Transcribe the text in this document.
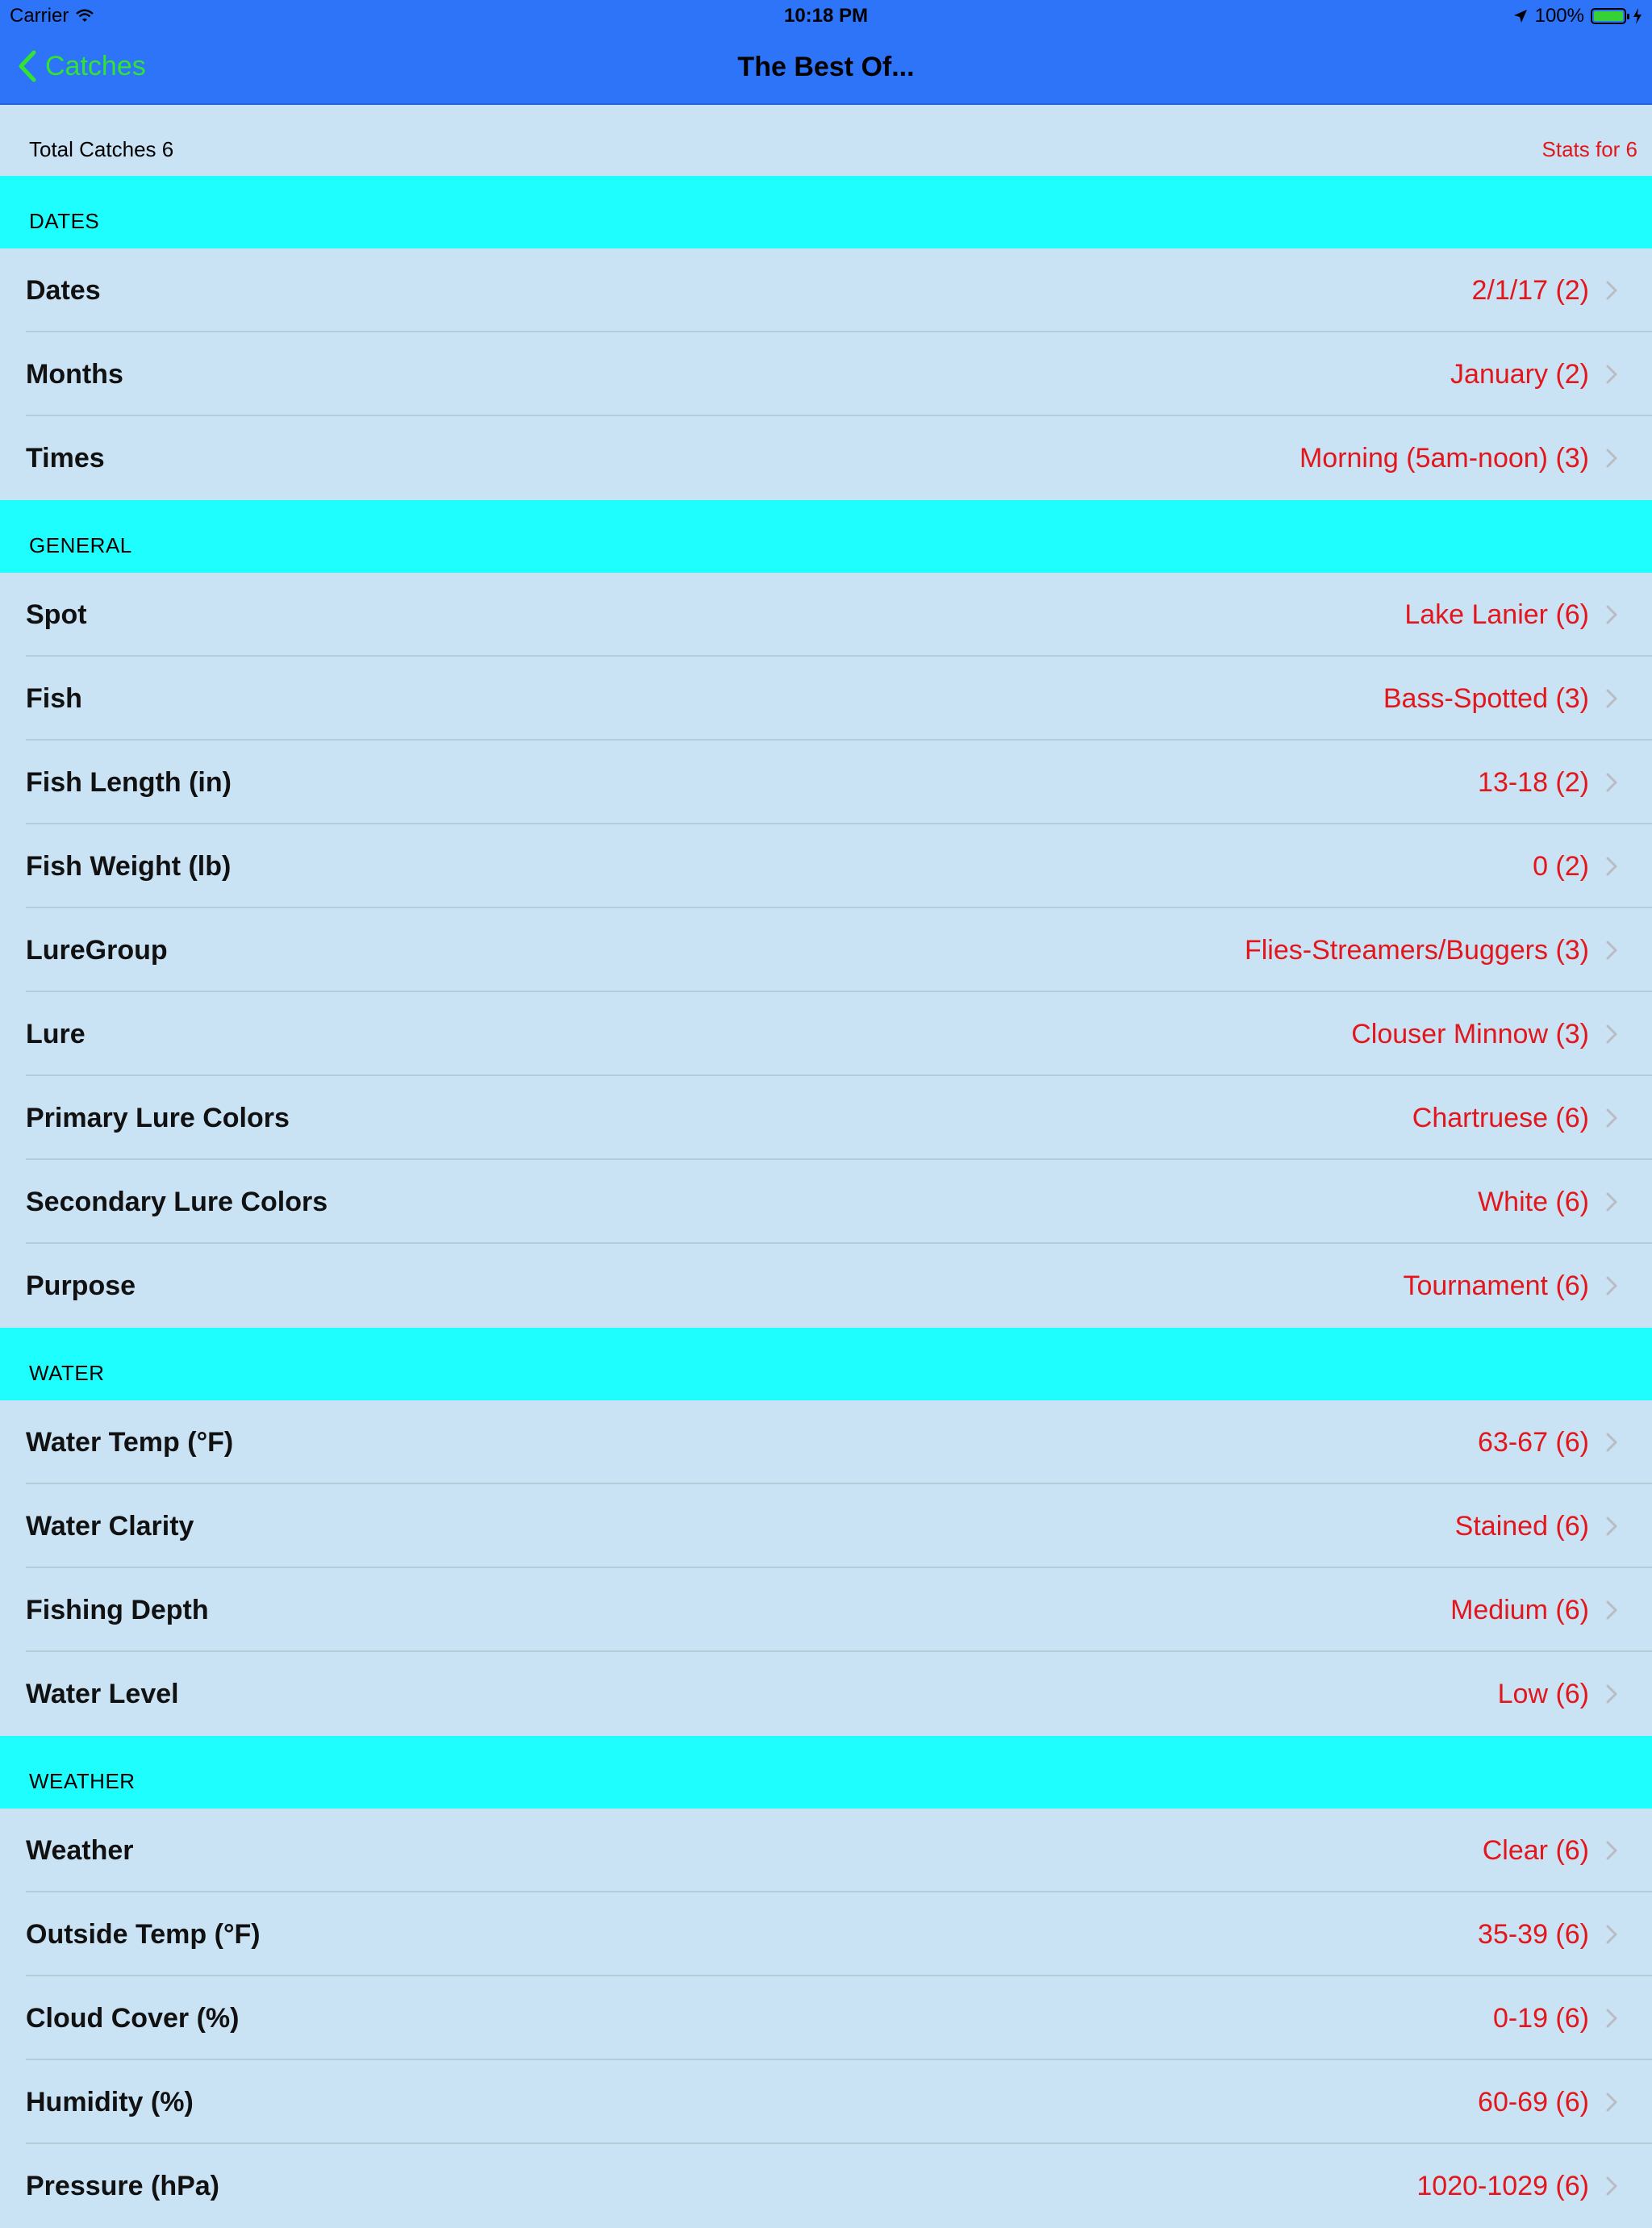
Carrier	10:18 PM	100%
Catches	The Best Of...
Total Catches 6	Stats for 6
DATES
Dates	2/1/17 (2)
Months	January (2)
Times	Morning (5am-noon) (3)
GENERAL
Spot	Lake Lanier (6)
Fish	Bass-Spotted (3)
Fish Length (in)	13-18 (2)
Fish Weight (lb)	0 (2)
LureGroup	Flies-Streamers/Buggers (3)
Lure	Clouser Minnow (3)
Primary Lure Colors	Chartruese (6)
Secondary Lure Colors	White (6)
Purpose	Tournament (6)
WATER
Water Temp (°F)	63-67 (6)
Water Clarity	Stained (6)
Fishing Depth	Medium (6)
Water Level	Low (6)
WEATHER
Weather	Clear (6)
Outside Temp (°F)	35-39 (6)
Cloud Cover (%)	0-19 (6)
Humidity (%)	60-69 (6)
Pressure (hPa)	1020-1029 (6)
